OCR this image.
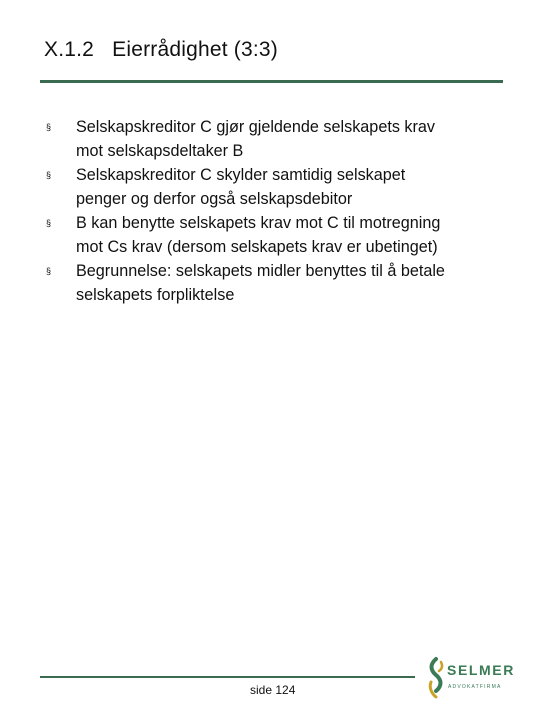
X.1.2   Eierrådighet (3:3)
§	Selskapskreditor C gjør gjeldende selskapets krav
mot selskapsdeltaker B
§	Selskapskreditor C skylder samtidig selskapet
penger og derfor også selskapsdebitor
§	B kan benytte selskapets krav mot C til motregning
mot Cs krav (dersom selskapets krav er ubetinget)
§	Begrunnelse: selskapets midler benyttes til å betale
selskapets forpliktelse
side 124
SELMER
ADVOKATFIRMA
